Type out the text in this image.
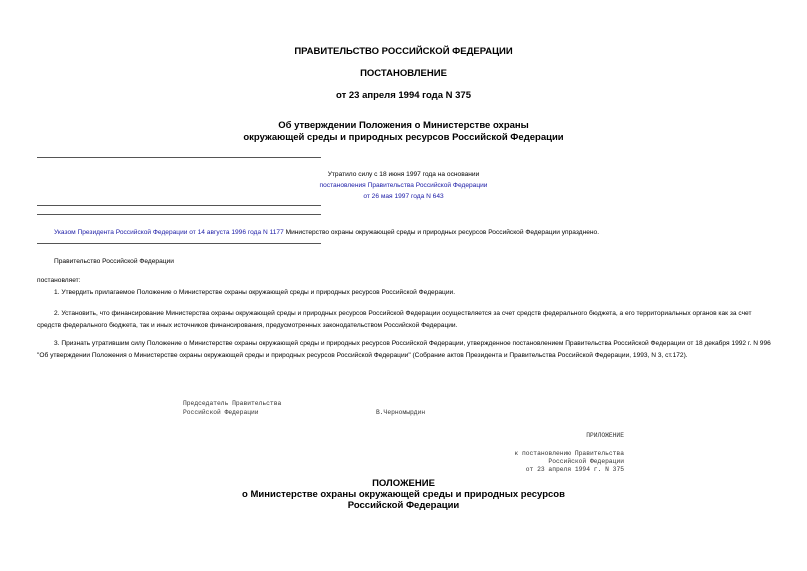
ПРАВИТЕЛЬСТВО РОССИЙСКОЙ ФЕДЕРАЦИИ
ПОСТАНОВЛЕНИЕ
от 23 апреля 1994 года N 375
Об утверждении Положения о Министерстве охраны
окружающей среды и природных ресурсов Российской Федерации
Утратило силу с 18 июня 1997 года на основании
постановления Правительства Российской Федерации
от 26 мая 1997 года N 643
Указом Президента Российской Федерации от 14 августа 1996 года N 1177 Министерство охраны окружающей среды и природных ресурсов Российской Федерации упразднено.
Правительство Российской Федерации
постановляет:
1. Утвердить прилагаемое Положение о Министерстве охраны окружающей среды и природных ресурсов Российской Федерации.
2. Установить, что финансирование Министерства охраны окружающей среды и природных ресурсов Российской Федерации осуществляется за счет средств федерального бюджета, а его территориальных органов как за счет средств федерального бюджета, так и иных источников финансирования, предусмотренных законодательством Российской Федерации.
3. Признать утратившим силу Положение о Министерстве охраны окружающей среды и природных ресурсов Российской Федерации, утвержденное постановлением Правительства Российской Федерации от 18 декабря 1992 г. N 996 "Об утверждении Положения о Министерстве охраны окружающей среды и природных ресурсов Российской Федерации" (Собрание актов Президента и Правительства Российской Федерации, 1993, N 3, ст.172).
Председатель Правительства
Российской Федерации	В.Черномырдин
ПРИЛОЖЕНИЕ
к постановлению Правительства
Российской Федерации
от 23 апреля 1994 г. N 375
ПОЛОЖЕНИЕ
о Министерстве охраны окружающей среды и природных ресурсов
Российской Федерации
